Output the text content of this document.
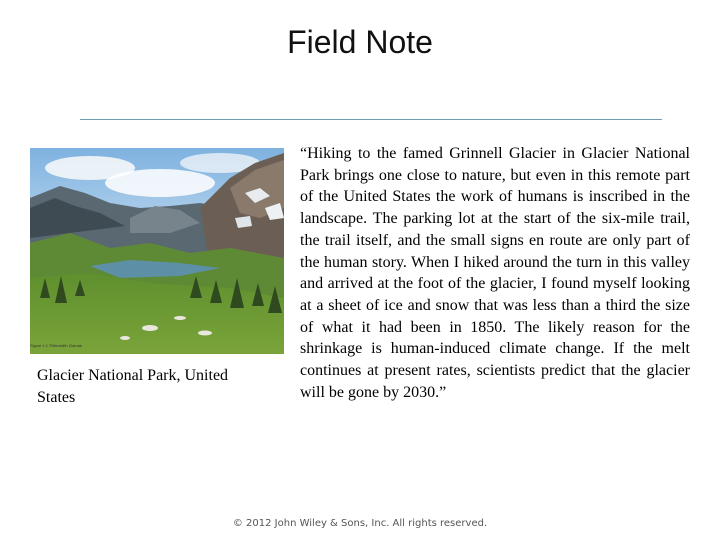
Field Note
Figure 1.1 ©Meredith Ziamak
Glacier National Park, United States
“Hiking to the famed Grinnell Glacier in Glacier National Park brings one close to nature, but even in this remote part of the United States the work of humans is inscribed in the landscape. The parking lot at the start of the six-mile trail, the trail itself, and the small signs en route are only part of the human story. When I hiked around the turn in this valley and arrived at the foot of the glacier, I found myself looking at a sheet of ice and snow that was less than a third the size of what it had been in 1850. The likely reason for the shrinkage is human-induced climate change. If the melt continues at present rates, scientists predict that the glacier will be gone by 2030.”
© 2012 John Wiley & Sons, Inc. All rights reserved.
